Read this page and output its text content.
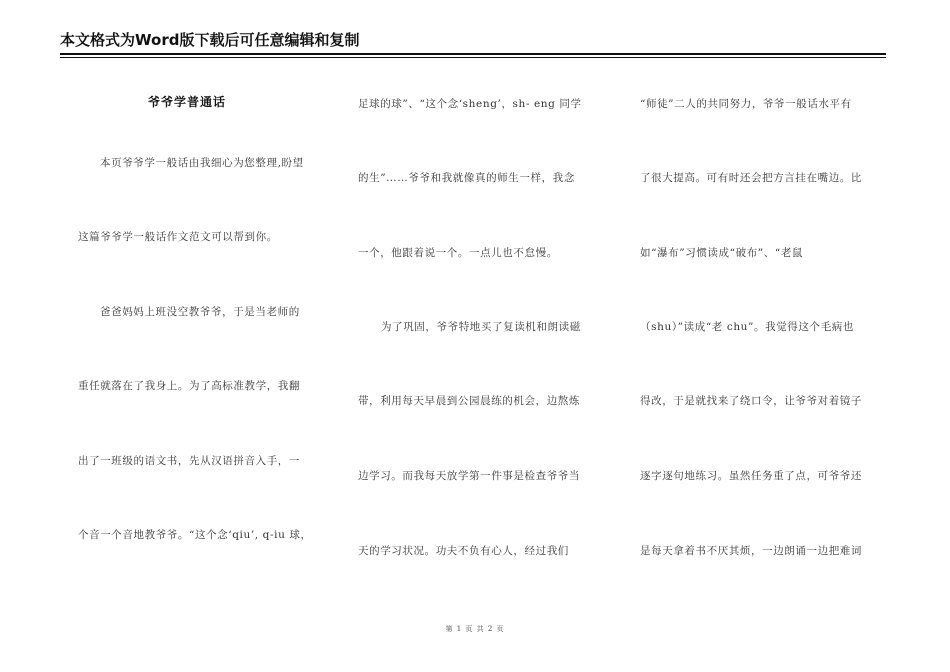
本文格式为Word版下载后可任意编辑和复制

爷爷学普通话
本页爷爷学一般话由我细心为您整理,盼望
这篇爷爷学一般话作文范文可以帮到你。
爸爸妈妈上班没空教爷爷，于是当老师的
重任就落在了我身上。为了高标准教学，我翻
出了一班级的语文书，先从汉语拼音入手，一
个音一个音地教爷爷。“这个念‘qiu’, q-iu 球，
足球的球”、“这个念‘sheng’，sh- eng 同学
的生”……爷爷和我就像真的师生一样，我念
一个，他跟着说一个。一点儿也不怠慢。
为了巩固，爷爷特地买了复读机和朗读磁
带，利用每天早晨到公园晨练的机会，边熬炼
边学习。而我每天放学第一件事是检查爷爷当
天的学习状况。功夫不负有心人，经过我们
“师徒”二人的共同努力，爷爷一般话水平有
了很大提高。可有时还会把方言挂在嘴边。比
如“瀑布”习惯读成“破布”、“老鼠
（shu）”读成“老 chu”。我觉得这个毛病也
得改，于是就找来了绕口令，让爷爷对着镜子
逐字逐句地练习。虽然任务重了点，可爷爷还
是每天拿着书不厌其烦，一边朗诵一边把难词
第 1 页 共 2 页
